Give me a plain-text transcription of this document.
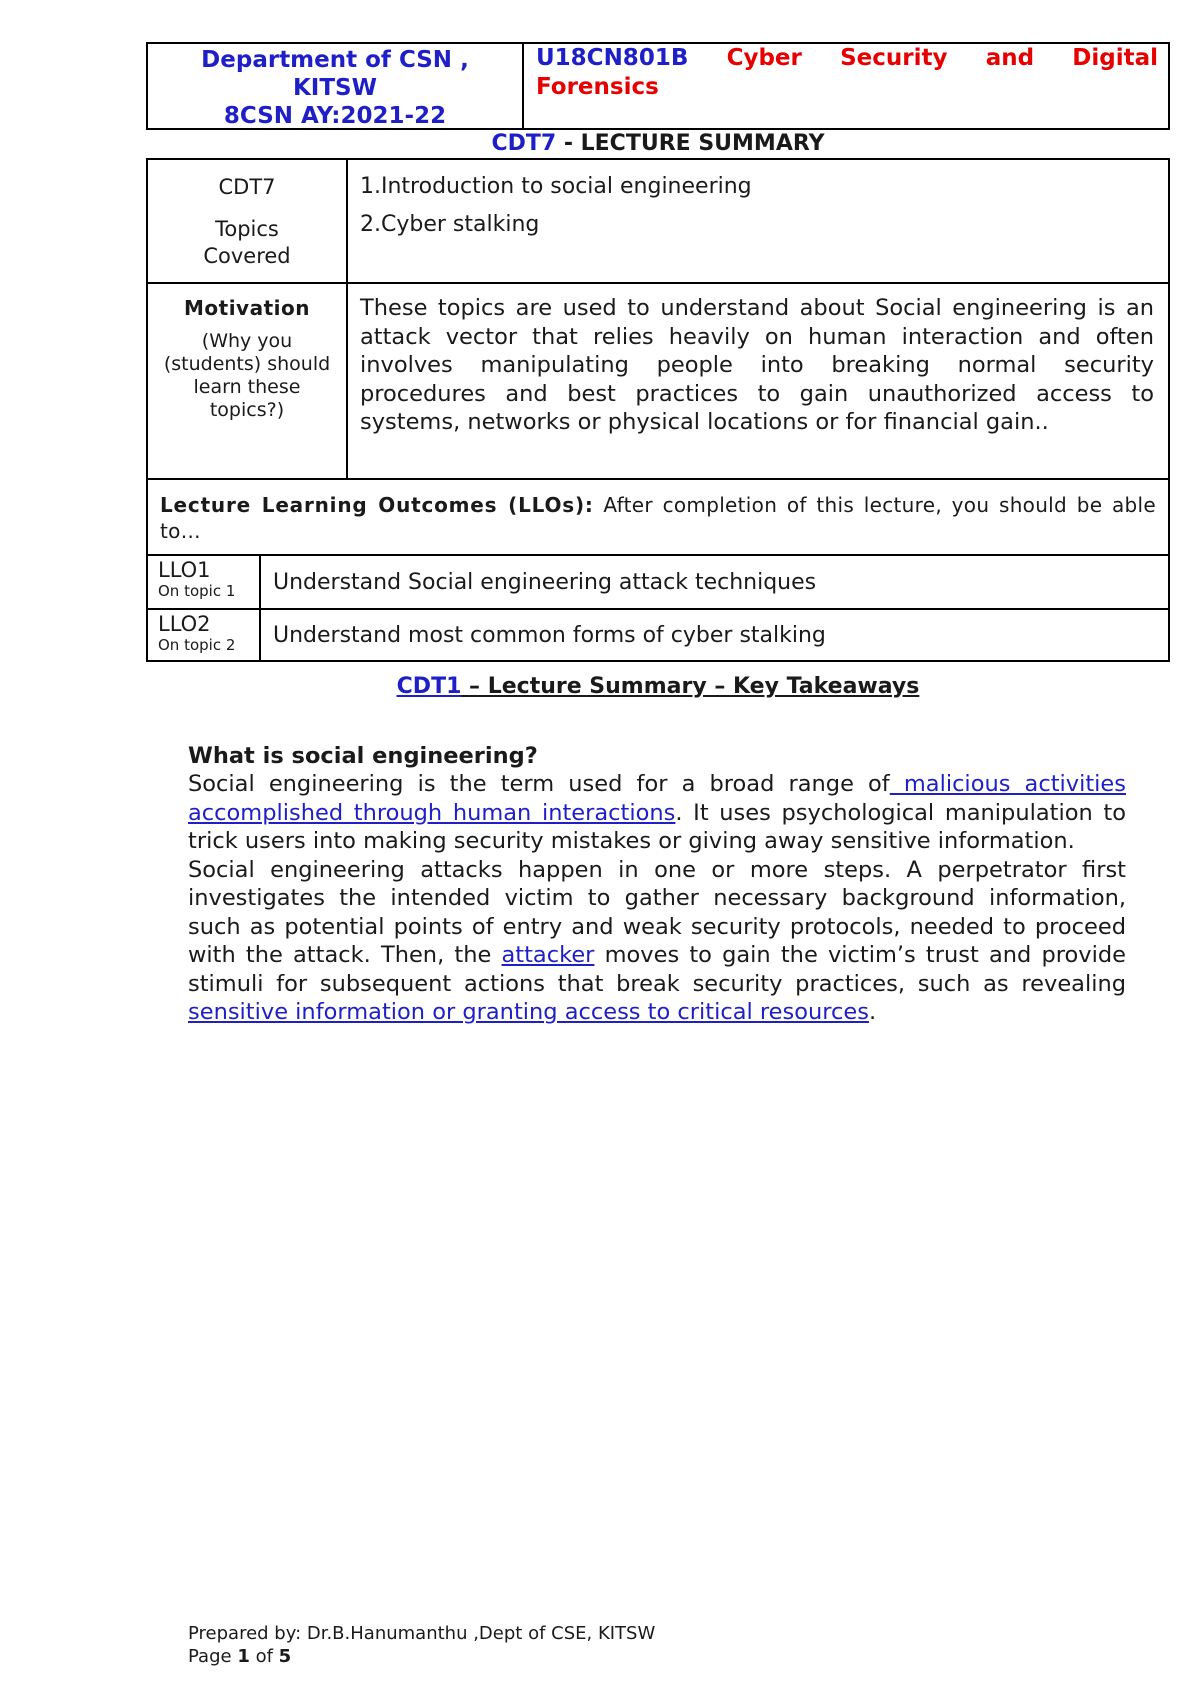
Department of CSN ,
KITSW
8CSN AY:2021-22
U18CN801B Cyber Security and Digital
Forensics
CDT7 - LECTURE SUMMARY
CDT7
Topics
Covered
1.Introduction to social engineering
2.Cyber stalking
Motivation
(Why you (students) should learn these topics?)
These topics are used to understand about Social engineering is an attack vector that relies heavily on human interaction and often involves manipulating people into breaking normal security procedures and best practices to gain unauthorized access to systems, networks or physical locations or for financial gain..
Lecture Learning Outcomes (LLOs): After completion of this lecture, you should be able to…
LLO1
On topic 1	Understand Social engineering attack techniques
LLO2
On topic 2	Understand most common forms of cyber stalking
CDT1 – Lecture Summary – Key Takeaways
What is social engineering?
Social engineering is the term used for a broad range of malicious activities accomplished through human interactions. It uses psychological manipulation to trick users into making security mistakes or giving away sensitive information.
Social engineering attacks happen in one or more steps. A perpetrator first investigates the intended victim to gather necessary background information, such as potential points of entry and weak security protocols, needed to proceed with the attack. Then, the attacker moves to gain the victim’s trust and provide stimuli for subsequent actions that break security practices, such as revealing sensitive information or granting access to critical resources.
Prepared by: Dr.B.Hanumanthu ,Dept of CSE, KITSW
Page 1 of 5
